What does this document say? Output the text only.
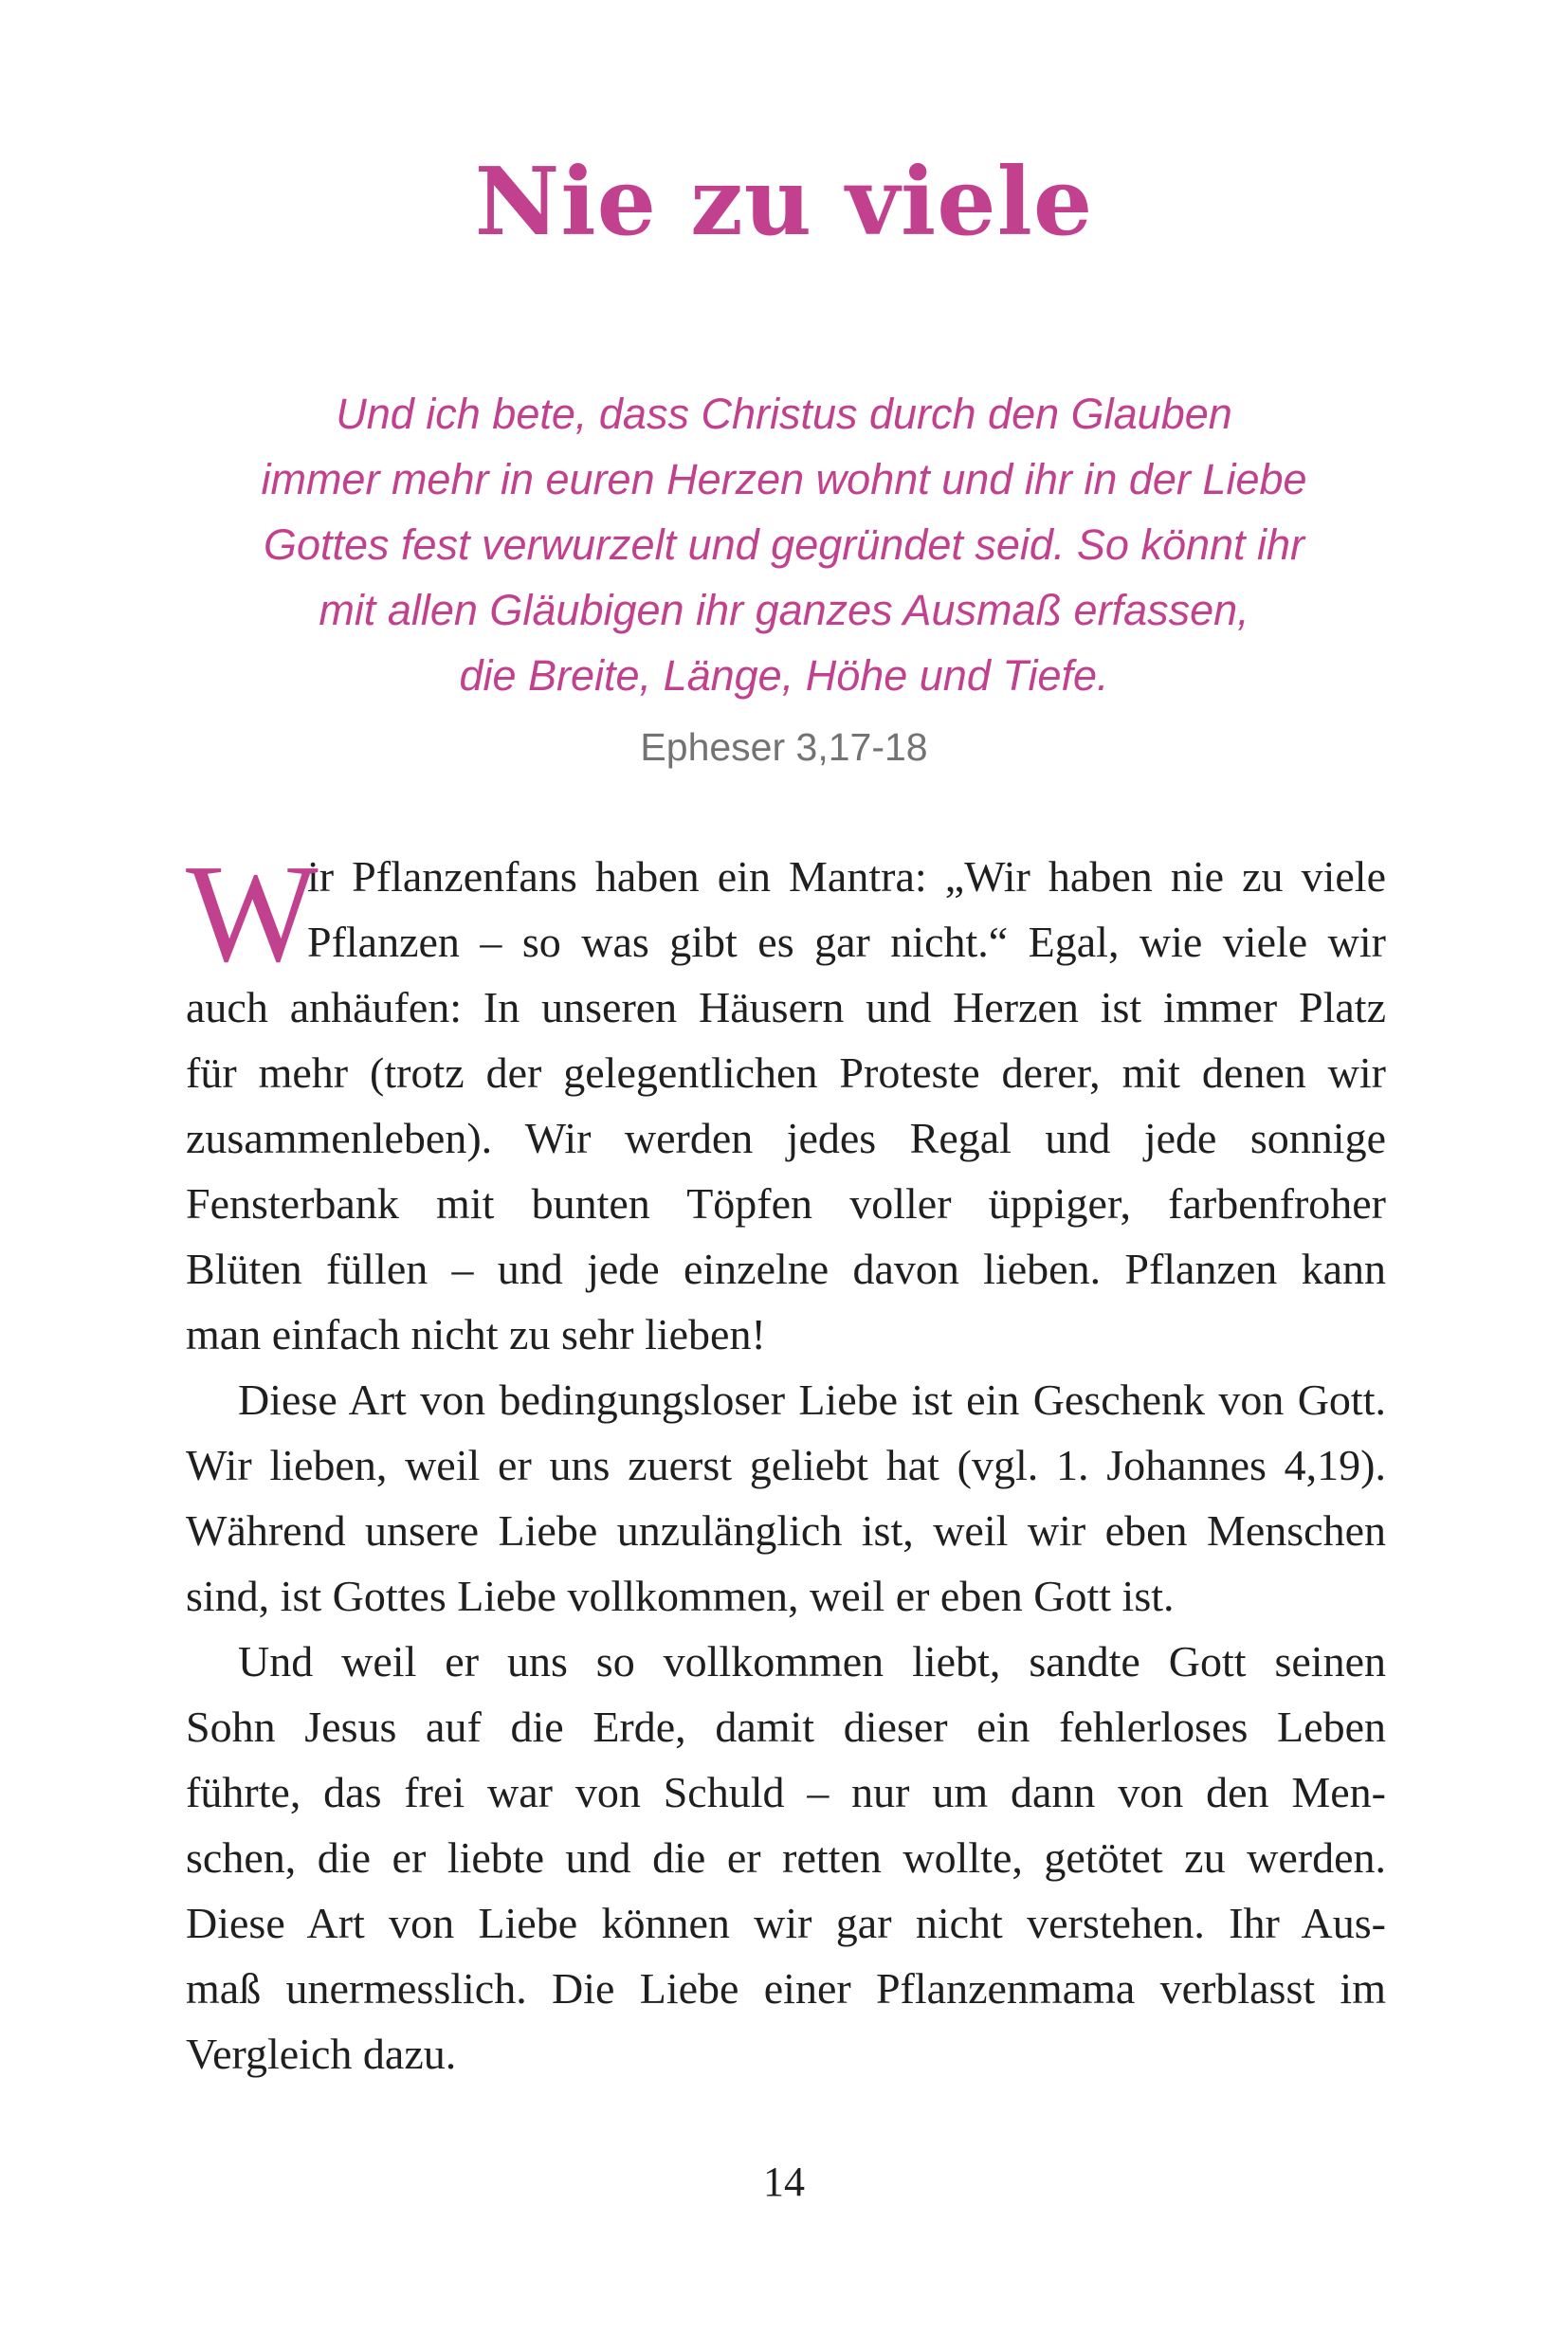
Nie zu viele
Und ich bete, dass Christus durch den Glauben
immer mehr in euren Herzen wohnt und ihr in der Liebe
Gottes fest verwurzelt und gegründet seid. So könnt ihr
mit allen Gläubigen ihr ganzes Ausmaß erfassen,
die Breite, Länge, Höhe und Tiefe.
Epheser 3,17-18
W

ir Pflanzenfans haben ein Mantra: „Wir haben nie zu viele
Pflanzen – so was gibt es gar nicht.“ Egal, wie viele wir
auch anhäufen: In unseren Häusern und Herzen ist immer Platz
für mehr (trotz der gelegentlichen Proteste derer, mit denen wir
zusammenleben). Wir werden jedes Regal und jede sonnige
Fensterbank mit bunten Töpfen voller üppiger, farbenfroher
Blüten füllen – und jede einzelne davon lieben. Pflanzen kann
man einfach nicht zu sehr lieben!

Diese Art von bedingungsloser Liebe ist ein Geschenk von Gott.
Wir lieben, weil er uns zuerst geliebt hat (vgl. 1. Johannes 4,19).
Während unsere Liebe unzulänglich ist, weil wir eben Menschen
sind, ist Gottes Liebe vollkommen, weil er eben Gott ist.

Und weil er uns so vollkommen liebt, sandte Gott seinen
Sohn Jesus auf die Erde, damit dieser ein fehlerloses Leben
führte, das frei war von Schuld – nur um dann von den Men-
schen, die er liebte und die er retten wollte, getötet zu werden.
Diese Art von Liebe können wir gar nicht verstehen. Ihr Aus-
maß unermesslich. Die Liebe einer Pflanzenmama verblasst im
Vergleich dazu.

14
